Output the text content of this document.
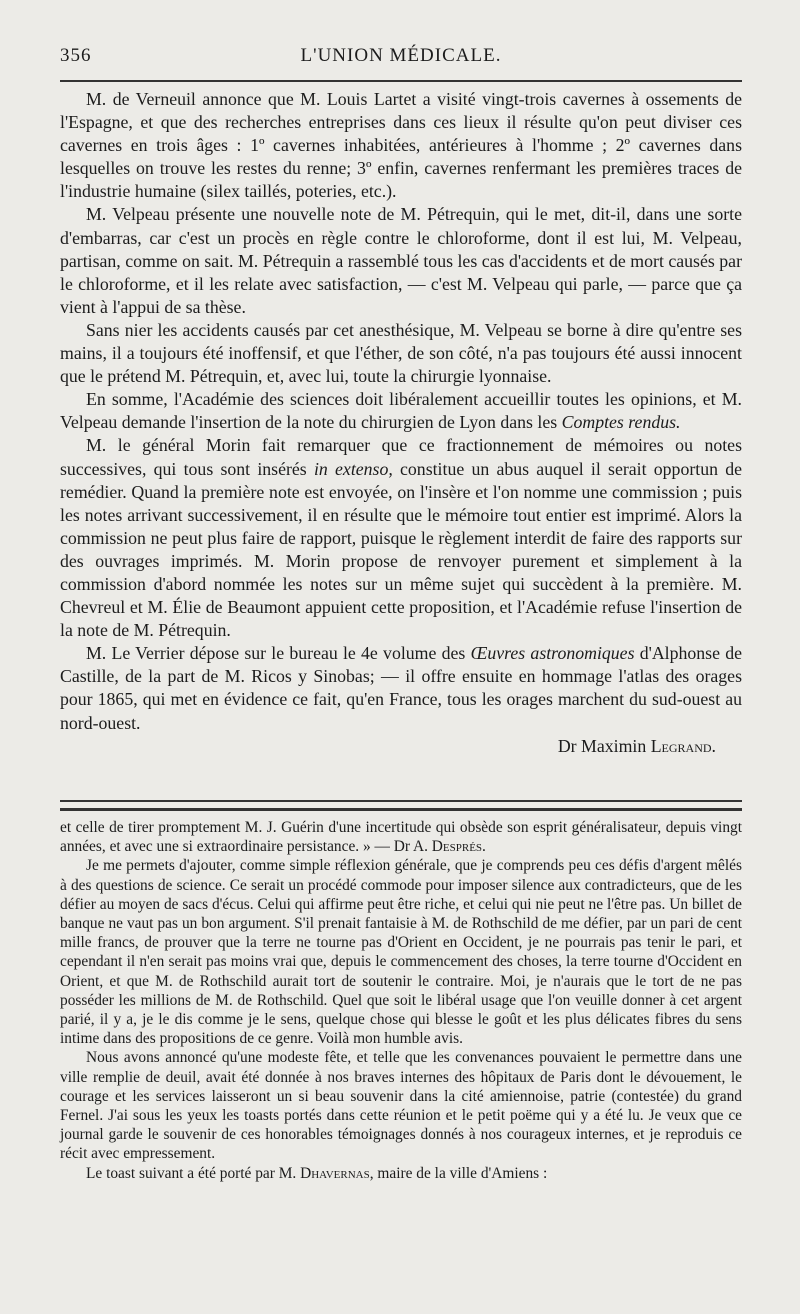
356	L'UNION MÉDICALE.

M. de Verneuil annonce que M. Louis Lartet a visité vingt-trois cavernes à ossements de l'Espagne, et que des recherches entreprises dans ces lieux il résulte qu'on peut diviser ces cavernes en trois âges : 1º cavernes inhabitées, antérieures à l'homme ; 2º cavernes dans lesquelles on trouve les restes du renne; 3º enfin, cavernes renfermant les premières traces de l'industrie humaine (silex taillés, poteries, etc.).

M. Velpeau présente une nouvelle note de M. Pétrequin, qui le met, dit-il, dans une sorte d'embarras, car c'est un procès en règle contre le chloroforme, dont il est lui, M. Velpeau, partisan, comme on sait. M. Pétrequin a rassemblé tous les cas d'accidents et de mort causés par le chloroforme, et il les relate avec satisfaction, — c'est M. Velpeau qui parle, — parce que ça vient à l'appui de sa thèse.

Sans nier les accidents causés par cet anesthésique, M. Velpeau se borne à dire qu'entre ses mains, il a toujours été inoffensif, et que l'éther, de son côté, n'a pas toujours été aussi innocent que le prétend M. Pétrequin, et, avec lui, toute la chirurgie lyonnaise.

En somme, l'Académie des sciences doit libéralement accueillir toutes les opinions, et M. Velpeau demande l'insertion de la note du chirurgien de Lyon dans les Comptes rendus.

M. le général Morin fait remarquer que ce fractionnement de mémoires ou notes successives, qui tous sont insérés in extenso, constitue un abus auquel il serait opportun de remédier. Quand la première note est envoyée, on l'insère et l'on nomme une commission ; puis les notes arrivant successivement, il en résulte que le mémoire tout entier est imprimé. Alors la commission ne peut plus faire de rapport, puisque le règlement interdit de faire des rapports sur des ouvrages imprimés. M. Morin propose de renvoyer purement et simplement à la commission d'abord nommée les notes sur un même sujet qui succèdent à la première. M. Chevreul et M. Élie de Beaumont appuient cette proposition, et l'Académie refuse l'insertion de la note de M. Pétrequin.

M. Le Verrier dépose sur le bureau le 4e volume des Œuvres astronomiques d'Alphonse de Castille, de la part de M. Ricos y Sinobas; — il offre ensuite en hommage l'atlas des orages pour 1865, qui met en évidence ce fait, qu'en France, tous les orages marchent du sud-ouest au nord-ouest.

Dr Maximin Legrand.

et celle de tirer promptement M. J. Guérin d'une incertitude qui obsède son esprit généralisateur, depuis vingt années, et avec une si extraordinaire persistance. » — Dr A. Després.

Je me permets d'ajouter, comme simple réflexion générale, que je comprends peu ces défis d'argent mêlés à des questions de science. Ce serait un procédé commode pour imposer silence aux contradicteurs, que de les défier au moyen de sacs d'écus. Celui qui affirme peut être riche, et celui qui nie peut ne l'être pas. Un billet de banque ne vaut pas un bon argument. S'il prenait fantaisie à M. de Rothschild de me défier, par un pari de cent mille francs, de prouver que la terre ne tourne pas d'Orient en Occident, je ne pourrais pas tenir le pari, et cependant il n'en serait pas moins vrai que, depuis le commencement des choses, la terre tourne d'Occident en Orient, et que M. de Rothschild aurait tort de soutenir le contraire. Moi, je n'aurais que le tort de ne pas posséder les millions de M. de Rothschild. Quel que soit le libéral usage que l'on veuille donner à cet argent parié, il y a, je le dis comme je le sens, quelque chose qui blesse le goût et les plus délicates fibres du sens intime dans des propositions de ce genre. Voilà mon humble avis.

Nous avons annoncé qu'une modeste fête, et telle que les convenances pouvaient le permettre dans une ville remplie de deuil, avait été donnée à nos braves internes des hôpitaux de Paris dont le dévouement, le courage et les services laisseront un si beau souvenir dans la cité amiennoise, patrie (contestée) du grand Fernel. J'ai sous les yeux les toasts portés dans cette réunion et le petit poëme qui y a été lu. Je veux que ce journal garde le souvenir de ces honorables témoignages donnés à nos courageux internes, et je reproduis ce récit avec empressement.

Le toast suivant a été porté par M. Dhavernas, maire de la ville d'Amiens :
